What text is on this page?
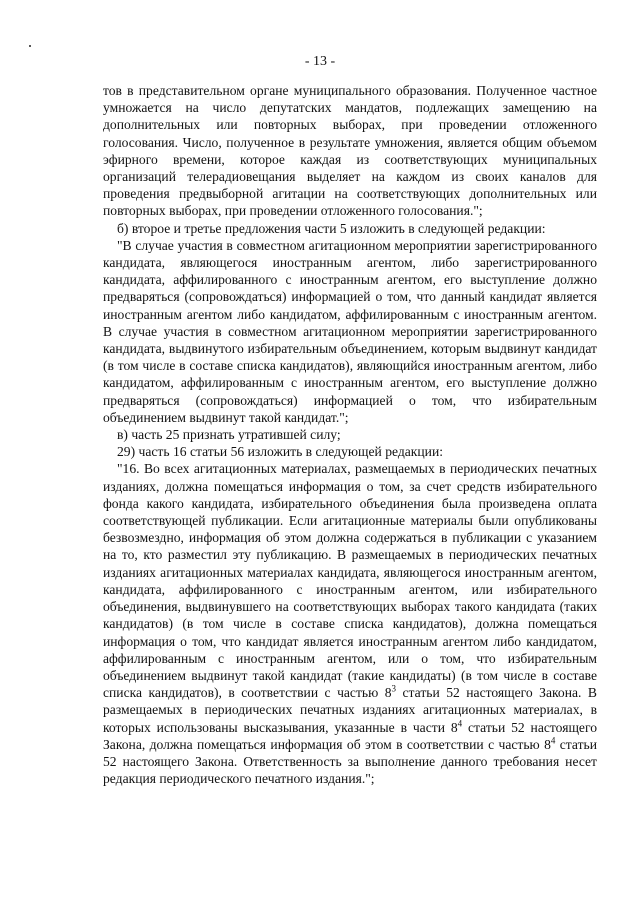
- 13 -

тов в представительном органе муниципального образования. Полученное частное умножается на число депутатских мандатов, подлежащих замещению на дополнительных или повторных выборах, при проведении отложенного голосования. Число, полученное в результате умножения, является общим объемом эфирного времени, которое каждая из соответствующих муниципальных организаций телерадиовещания выделяет на каждом из своих каналов для проведения предвыборной агитации на соответствующих дополнительных или повторных выборах, при проведении отложенного голосования.";

б) второе и третье предложения части 5 изложить в следующей редакции:

"В случае участия в совместном агитационном мероприятии зарегистрированного кандидата, являющегося иностранным агентом, либо зарегистрированного кандидата, аффилированного с иностранным агентом, его выступление должно предваряться (сопровождаться) информацией о том, что данный кандидат является иностранным агентом либо кандидатом, аффилированным с иностранным агентом. В случае участия в совместном агитационном мероприятии зарегистрированного кандидата, выдвинутого избирательным объединением, которым выдвинут кандидат (в том числе в составе списка кандидатов), являющийся иностранным агентом, либо кандидатом, аффилированным с иностранным агентом, его выступление должно предваряться (сопровождаться) информацией о том, что избирательным объединением выдвинут такой кандидат.";

в) часть 25 признать утратившей силу;

29) часть 16 статьи 56 изложить в следующей редакции:

"16. Во всех агитационных материалах, размещаемых в периодических печатных изданиях, должна помещаться информация о том, за счет средств избирательного фонда какого кандидата, избирательного объединения была произведена оплата соответствующей публикации. Если агитационные материалы были опубликованы безвозмездно, информация об этом должна содержаться в публикации с указанием на то, кто разместил эту публикацию. В размещаемых в периодических печатных изданиях агитационных материалах кандидата, являющегося иностранным агентом, кандидата, аффилированного с иностранным агентом, или избирательного объединения, выдвинувшего на соответствующих выборах такого кандидата (таких кандидатов) (в том числе в составе списка кандидатов), должна помещаться информация о том, что кандидат является иностранным агентом либо кандидатом, аффилированным с иностранным агентом, или о том, что избирательным объединением выдвинут такой кандидат (такие кандидаты) (в том числе в составе списка кандидатов), в соответствии с частью $8^3$ статьи 52 настоящего Закона. В размещаемых в периодических печатных изданиях агитационных материалах, в которых использованы высказывания, указанные в части $8^4$ статьи 52 настоящего Закона, должна помещаться информация об этом в соответствии с частью $8^4$ статьи 52 настоящего Закона. Ответственность за выполнение данного требования несет редакция периодического печатного издания.";
